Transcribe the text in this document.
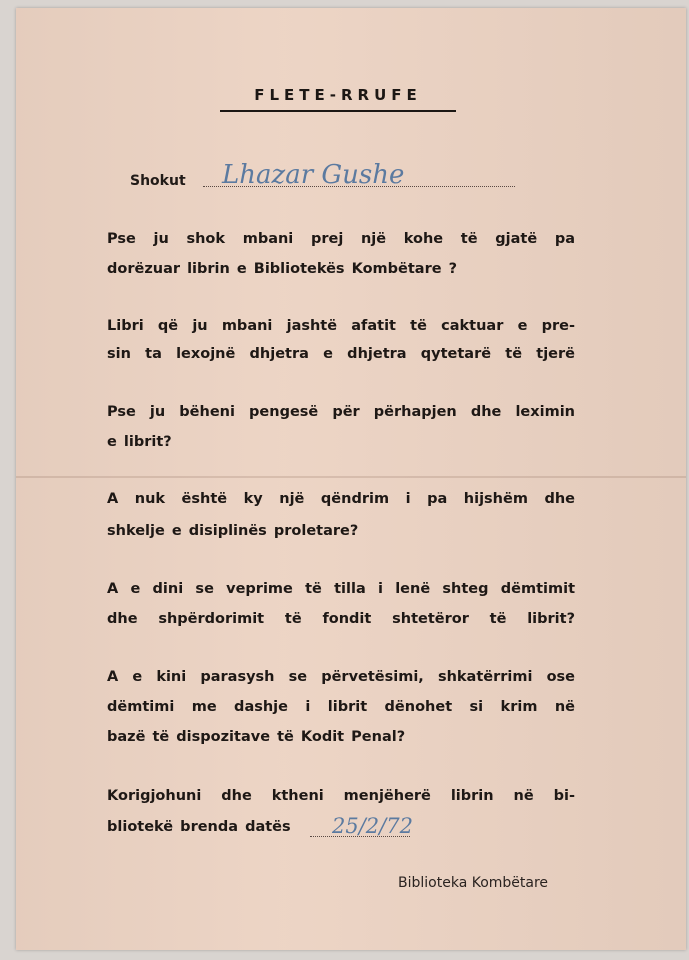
FLETE-RRUFE
Shokut Lhazar Gushe
Pse ju shok mbani prej një kohe të gjatë pa
dorëzuar librin e Bibliotekës Kombëtare ?
Libri që ju mbani jashtë afatit të caktuar e pre-
sin ta lexojnë dhjetra e dhjetra qytetarë të tjerë
Pse ju bëheni pengesë për përhapjen dhe leximin
e librit?
A nuk është ky një qëndrim i pa hijshëm dhe
shkelje e disiplinës proletare?
A e dini se veprime të tilla i lenë shteg dëmtimit
dhe shpërdorimit të fondit shtetëror të librit?
A e kini parasysh se përvetësimi, shkatërrimi ose
dëmtimi me dashje i librit dënohet si krim në
bazë të dispozitave të Kodit Penal?
Korigjohuni dhe ktheni menjëherë librin në bi-
bliotekë brenda datës	25/2/72
Biblioteka Kombëtare
